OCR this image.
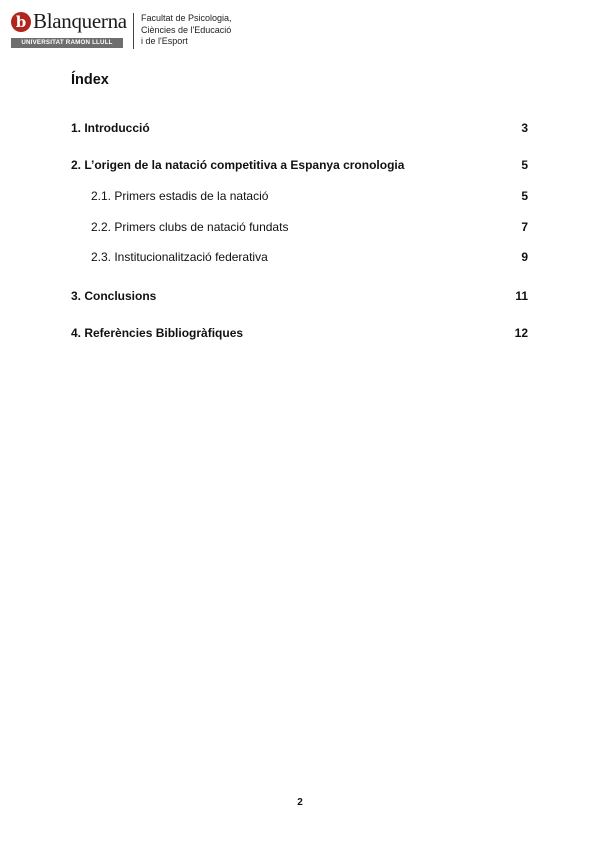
b Blanquerna
UNIVERSITAT RAMON LLULL
Facultat de Psicologia,
Ciències de l'Educació
i de l'Esport
Índex
1. Introducció	3
2. L’origen de la natació competitiva a Espanya cronologia	5
2.1. Primers estadis de la natació	5
2.2. Primers clubs de natació fundats	7
2.3. Institucionalització federativa	9
3. Conclusions	11
4. Referències Bibliogràfiques	12
2
